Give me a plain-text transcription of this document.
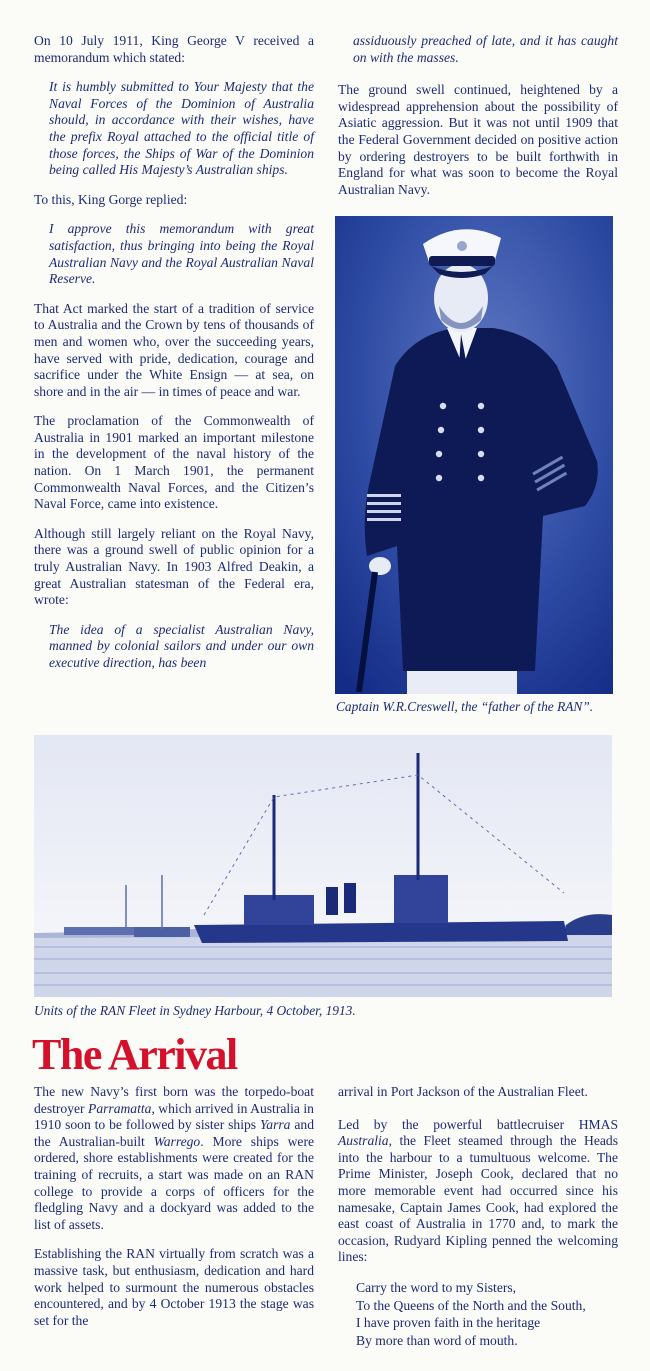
On 10 July 1911, King George V received a memorandum which stated:

It is humbly submitted to Your Majesty that the Naval Forces of the Dominion of Australia should, in accordance with their wishes, have the prefix Royal attached to the official title of those forces, the Ships of War of the Dominion being called His Majesty’s Australian ships.

To this, King Gorge replied:

I approve this memorandum with great satisfaction, thus bringing into being the Royal Australian Navy and the Royal Australian Naval Reserve.

That Act marked the start of a tradition of service to Australia and the Crown by tens of thousands of men and women who, over the succeeding years, have served with pride, dedication, courage and sacrifice under the White Ensign — at sea, on shore and in the air — in times of peace and war.

The proclamation of the Commonwealth of Australia in 1901 marked an important milestone in the development of the naval history of the nation. On 1 March 1901, the permanent Commonwealth Naval Forces, and the Citizen’s Naval Force, came into existence.

Although still largely reliant on the Royal Navy, there was a ground swell of public opinion for a truly Australian Navy. In 1903 Alfred Deakin, a great Australian statesman of the Federal era, wrote:

The idea of a specialist Australian Navy, manned by colonial sailors and under our own executive direction, has been

assiduously preached of late, and it has caught on with the masses.

The ground swell continued, heightened by a widespread apprehension about the possibility of Asiatic aggression. But it was not until 1909 that the Federal Government decided on positive action by ordering destroyers to be built forthwith in England for what was soon to become the Royal Australian Navy.

Captain W.R.Creswell, the “father of the RAN”.
Units of the RAN Fleet in Sydney Harbour, 4 October, 1913.
The Arrival

The new Navy’s first born was the torpedo-boat destroyer Parramatta, which arrived in Australia in 1910 soon to be followed by sister ships Yarra and the Australian-built Warrego. More ships were ordered, shore establishments were created for the training of recruits, a start was made on an RAN college to provide a corps of officers for the fledgling Navy and a dockyard was added to the list of assets.

Establishing the RAN virtually from scratch was a massive task, but enthusiasm, dedication and hard work helped to surmount the numerous obstacles encountered, and by 4 October 1913 the stage was set for the

arrival in Port Jackson of the Australian Fleet.

Led by the powerful battlecruiser HMAS Australia, the Fleet steamed through the Heads into the harbour to a tumultuous welcome. The Prime Minister, Joseph Cook, declared that no more memorable event had occurred since his namesake, Captain James Cook, had explored the east coast of Australia in 1770 and, to mark the occasion, Rudyard Kipling penned the welcoming lines:

Carry the word to my Sisters,
To the Queens of the North and the South,
I have proven faith in the heritage
By more than word of mouth.
